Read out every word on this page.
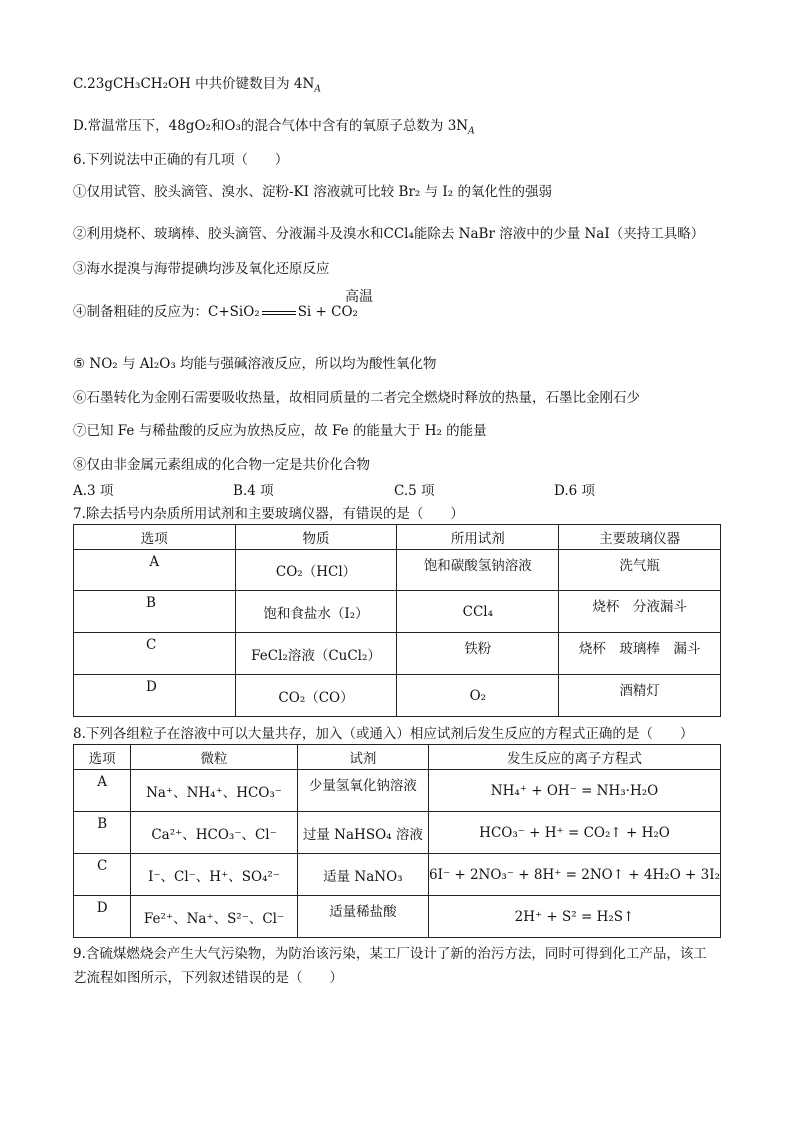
C.23gCH₃CH₂OH 中共价键数目为 $4N_A$
D.常温常压下，48gO₂和O₃的混合气体中含有的氧原子总数为 $3N_A$
6.下列说法中正确的有几项（　　）
①仅用试管、胶头滴管、溴水、淀粉-KI 溶液就可比较 Br₂ 与 I₂ 的氧化性的强弱
②利用烧杯、玻璃棒、胶头滴管、分液漏斗及溴水和CCl₄能除去 NaBr 溶液中的少量 NaI（夹持工具略）
③海水提溴与海带提碘均涉及氧化还原反应
④制备粗硅的反应为：C+SiO₂
高温
Si + CO₂
⑤ NO₂ 与 Al₂O₃ 均能与强碱溶液反应，所以均为酸性氧化物
⑥石墨转化为金刚石需要吸收热量，故相同质量的二者完全燃烧时释放的热量，石墨比金刚石少
⑦已知 Fe 与稀盐酸的反应为放热反应，故 Fe 的能量大于 H₂ 的能量
⑧仅由非金属元素组成的化合物一定是共价化合物
A.3 项	B.4 项	C.5 项	D.6 项
7.除去括号内杂质所用试剂和主要玻璃仪器，有错误的是（　　）
选项	物质	所用试剂	主要玻璃仪器
A	CO₂（HCl）	饱和碳酸氢钠溶液	洗气瓶
B	饱和食盐水（I₂）	CCl₄	烧杯　分液漏斗
C	FeCl₂溶液（CuCl₂）	铁粉	烧杯　玻璃棒　漏斗
D	CO₂（CO）	O₂	酒精灯
8.下列各组粒子在溶液中可以大量共存，加入（或通入）相应试剂后发生反应的方程式正确的是（　　）
选项	微粒	试剂	发生反应的离子方程式
A	Na⁺、NH₄⁺、HCO₃⁻	少量氢氧化钠溶液	NH₄⁺ + OH⁻ = NH₃·H₂O
B	Ca²⁺、HCO₃⁻、Cl⁻	过量 NaHSO₄ 溶液	HCO₃⁻ + H⁺ = CO₂↑ + H₂O
C	I⁻、Cl⁻、H⁺、SO₄²⁻	适量 NaNO₃	6I⁻ + 2NO₃⁻ + 8H⁺ = 2NO↑ + 4H₂O + 3I₂
D	Fe²⁺、Na⁺、S²⁻、Cl⁻	适量稀盐酸	2H⁺ + S² = H₂S↑
9.含硫煤燃烧会产生大气污染物，为防治该污染，某工厂设计了新的治污方法，同时可得到化工产品，该工
艺流程如图所示，下列叙述错误的是（　　）
